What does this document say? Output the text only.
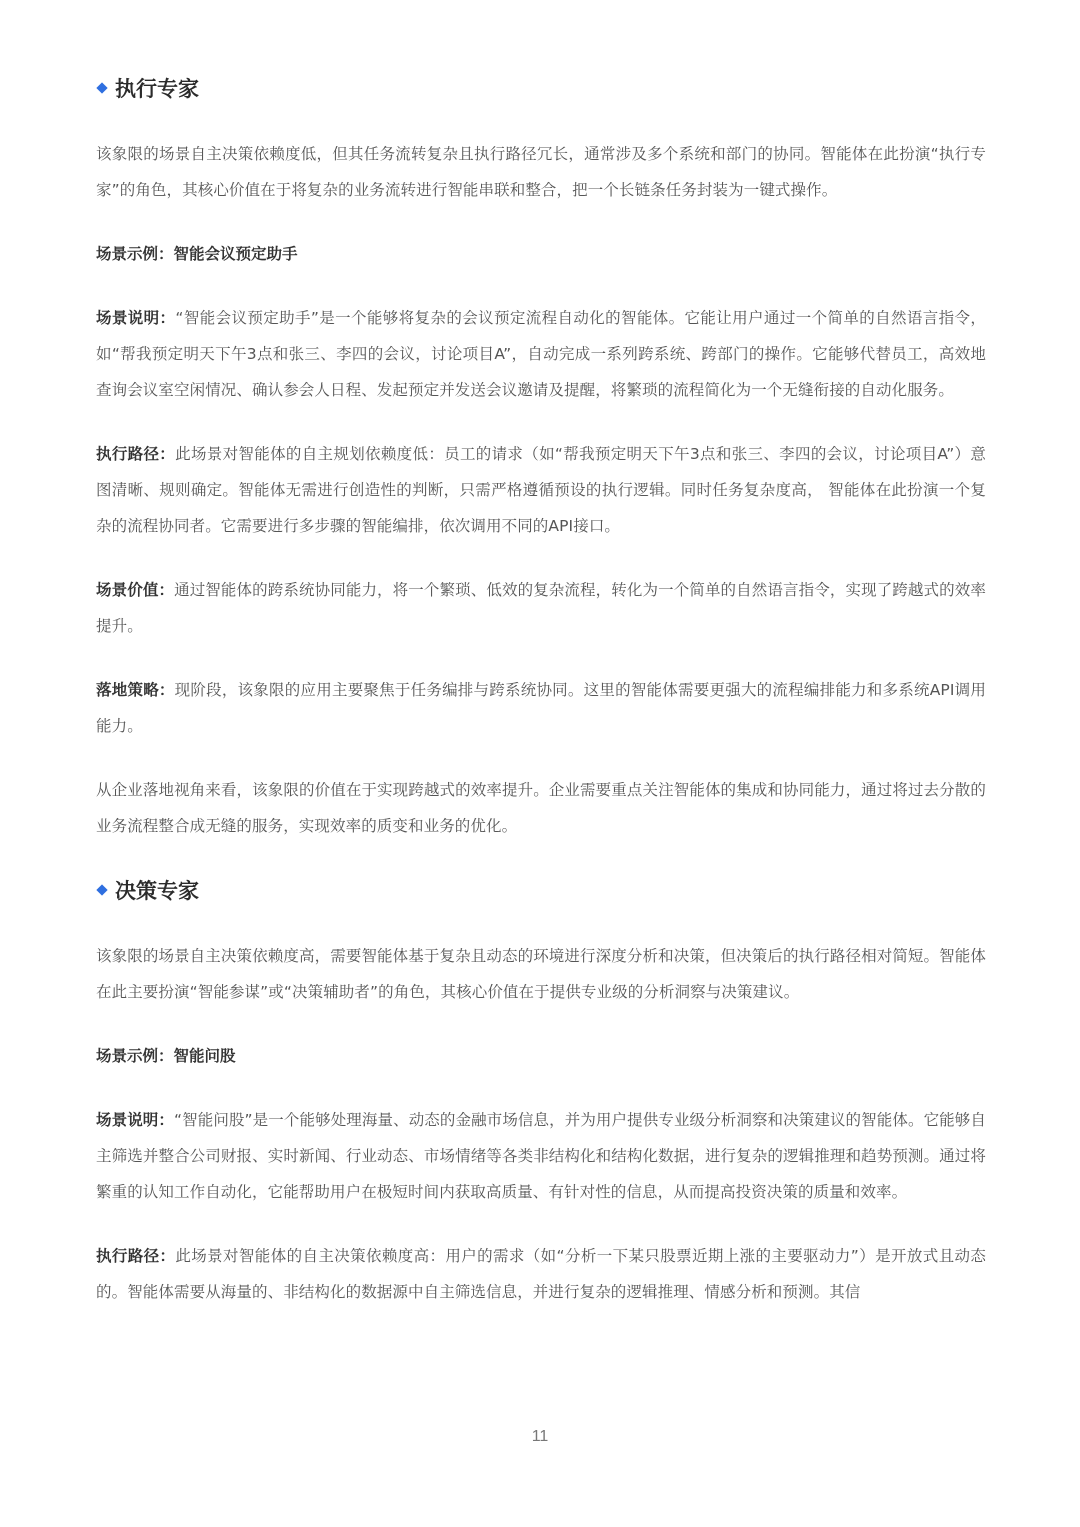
执行专家

该象限的场景自主决策依赖度低，但其任务流转复杂且执行路径冗长，通常涉及多个系统和部门的协同。智能体在此扮演“执行专家”的角色，其核心价值在于将复杂的业务流转进行智能串联和整合，把一个长链条任务封装为一键式操作。

场景示例：智能会议预定助手

场景说明：“智能会议预定助手”是一个能够将复杂的会议预定流程自动化的智能体。它能让用户通过一个简单的自然语言指令，如“帮我预定明天下午3点和张三、李四的会议，讨论项目A”，自动完成一系列跨系统、跨部门的操作。它能够代替员工，高效地查询会议室空闲情况、确认参会人日程、发起预定并发送会议邀请及提醒，将繁琐的流程简化为一个无缝衔接的自动化服务。

执行路径：此场景对智能体的自主规划依赖度低：员工的请求（如“帮我预定明天下午3点和张三、李四的会议，讨论项目A”）意图清晰、规则确定。智能体无需进行创造性的判断，只需严格遵循预设的执行逻辑。同时任务复杂度高， 智能体在此扮演一个复杂的流程协同者。它需要进行多步骤的智能编排，依次调用不同的API接口。

场景价值：通过智能体的跨系统协同能力，将一个繁琐、低效的复杂流程，转化为一个简单的自然语言指令，实现了跨越式的效率提升。

落地策略：现阶段，该象限的应用主要聚焦于任务编排与跨系统协同。这里的智能体需要更强大的流程编排能力和多系统API调用能力。

从企业落地视角来看，该象限的价值在于实现跨越式的效率提升。企业需要重点关注智能体的集成和协同能力，通过将过去分散的业务流程整合成无缝的服务，实现效率的质变和业务的优化。

决策专家

该象限的场景自主决策依赖度高，需要智能体基于复杂且动态的环境进行深度分析和决策，但决策后的执行路径相对简短。智能体在此主要扮演“智能参谋”或“决策辅助者”的角色，其核心价值在于提供专业级的分析洞察与决策建议。

场景示例：智能问股

场景说明：“智能问股”是一个能够处理海量、动态的金融市场信息，并为用户提供专业级分析洞察和决策建议的智能体。它能够自主筛选并整合公司财报、实时新闻、行业动态、市场情绪等各类非结构化和结构化数据，进行复杂的逻辑推理和趋势预测。通过将繁重的认知工作自动化，它能帮助用户在极短时间内获取高质量、有针对性的信息，从而提高投资决策的质量和效率。

执行路径：此场景对智能体的自主决策依赖度高：用户的需求（如“分析一下某只股票近期上涨的主要驱动力”）是开放式且动态的。智能体需要从海量的、非结构化的数据源中自主筛选信息，并进行复杂的逻辑推理、情感分析和预测。其信

11
